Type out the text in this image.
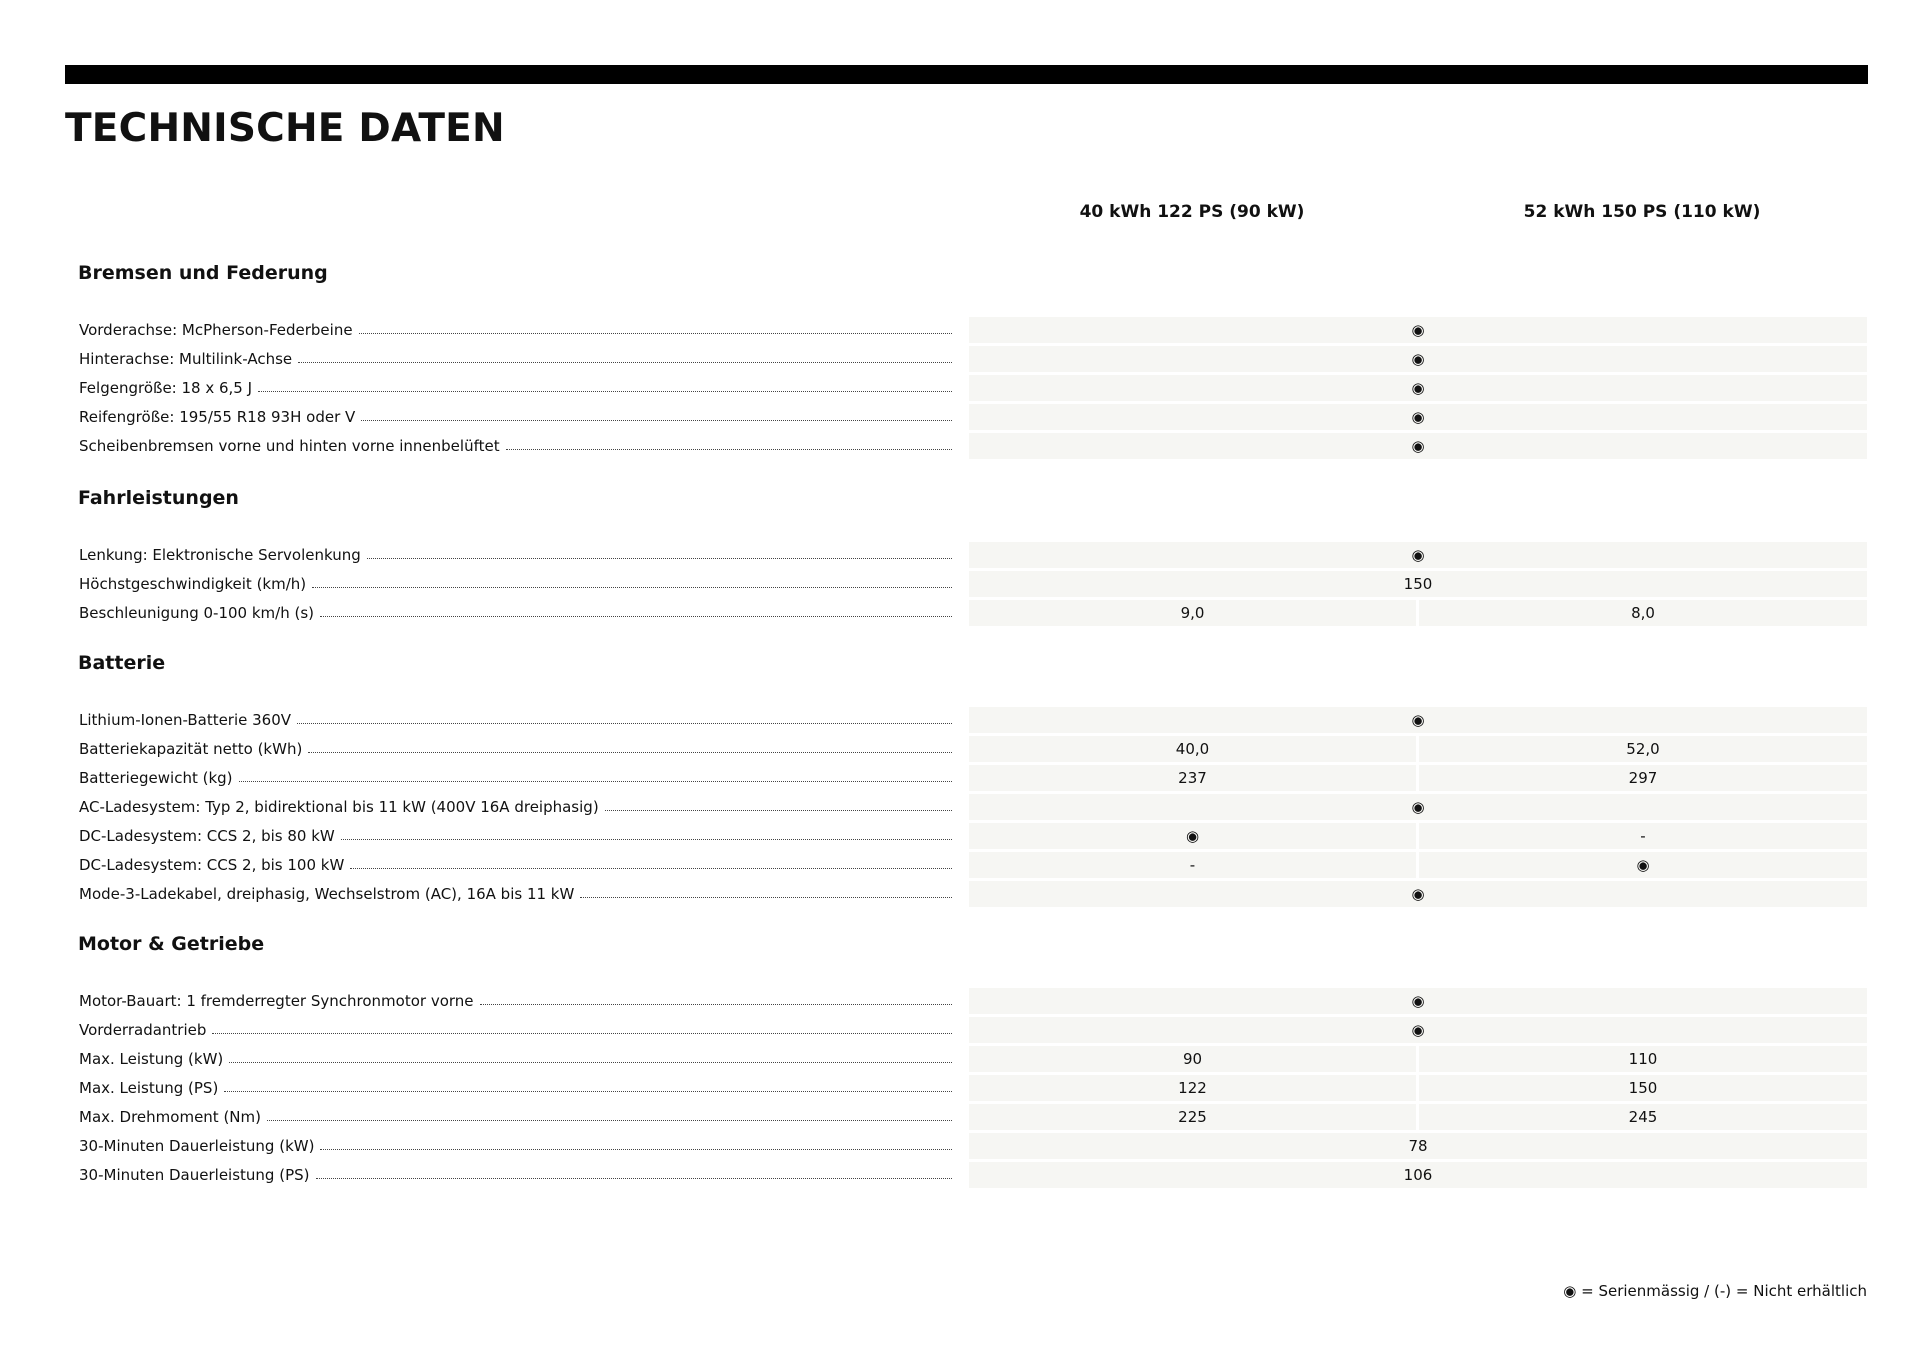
TECHNISCHE DATEN
40 kWh 122 PS (90 kW)	52 kWh 150 PS (110 kW)
Bremsen und Federung
Vorderachse: McPherson-Federbeine	◉
Hinterachse: Multilink-Achse	◉
Felgengröße: 18 x 6,5 J	◉
Reifengröße: 195/55 R18 93H oder V	◉
Scheibenbremsen vorne und hinten vorne innenbelüftet	◉
Fahrleistungen
Lenkung: Elektronische Servolenkung	◉
Höchstgeschwindigkeit (km/h)	150
Beschleunigung 0-100 km/h (s)	9,0	8,0
Batterie
Lithium-Ionen-Batterie 360V	◉
Batteriekapazität netto (kWh)	40,0	52,0
Batteriegewicht (kg)	237	297
AC-Ladesystem: Typ 2, bidirektional bis 11 kW (400V 16A dreiphasig)	◉
DC-Ladesystem: CCS 2, bis 80 kW	◉	-
DC-Ladesystem: CCS 2, bis 100 kW	-	◉
Mode-3-Ladekabel, dreiphasig, Wechselstrom (AC), 16A bis 11 kW	◉
Motor & Getriebe
Motor-Bauart: 1 fremderregter Synchronmotor vorne	◉
Vorderradantrieb	◉
Max. Leistung (kW)	90	110
Max. Leistung (PS)	122	150
Max. Drehmoment (Nm)	225	245
30-Minuten Dauerleistung (kW)	78
30-Minuten Dauerleistung (PS)	106
◉ = Serienmässig / (-) = Nicht erhältlich
